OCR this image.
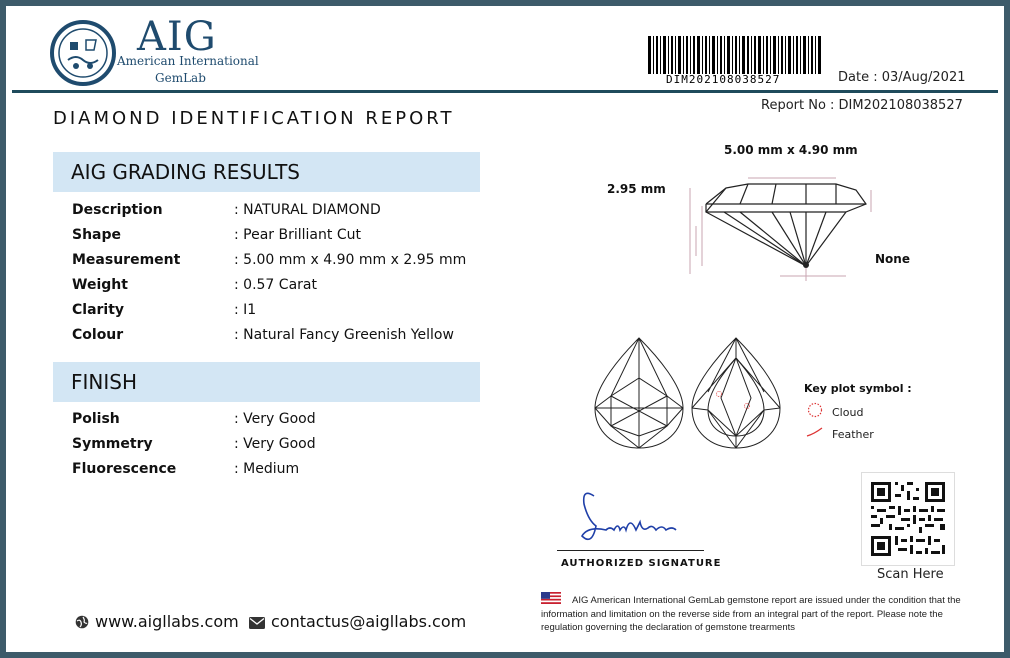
AIG
American International
GemLab	DIM202108038527	Date : 03/Aug/2021
DIAMOND IDENTIFICATION REPORT
Report No : DIM202108038527
AIG GRADING RESULTS
Description	: NATURAL DIAMOND
Shape	: Pear Brilliant Cut
Measurement	: 5.00 mm x 4.90 mm x 2.95 mm
Weight	: 0.57 Carat
Clarity	: I1
Colour	: Natural Fancy Greenish Yellow
FINISH
Polish	: Very Good
Symmetry	: Very Good
Fluorescence	: Medium
5.00 mm x 4.90 mm
2.95 mm
None
Key plot symbol :
Cloud
Feather
AUTHORIZED SIGNATURE
Scan Here
AIG American International GemLab gemstone report are issued under the condition that the information and limitation on the reverse side from an integral part of the report. Please note the regulation governing the declaration of gemstone trearments
www.aigllabs.com	contactus@aigllabs.com
